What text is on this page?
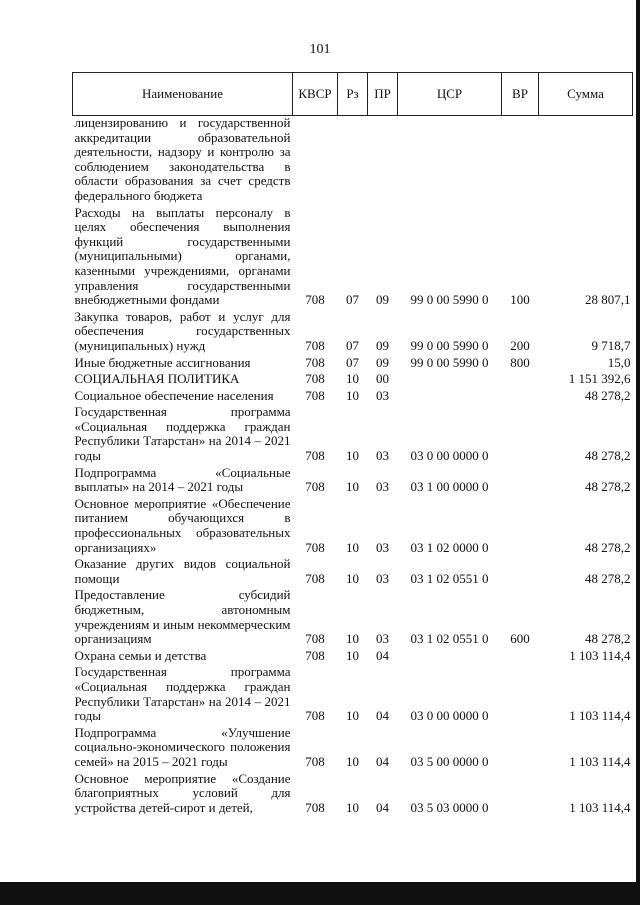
101
Наименование	КВСР	Рз	ПР	ЦСР	ВР	Сумма
лицензированию и государственной аккредитации образовательной деятельности, надзору и контролю за соблюдением законодательства в области образования за счет средств федерального бюджета						
Расходы на выплаты персоналу в целях обеспечения выполнения функций государственными (муниципальными) органами, казенными учреждениями, органами управления государственными внебюджетными фондами	708	07	09	99 0 00 5990 0	100	28 807,1
Закупка товаров, работ и услуг для обеспечения государственных (муниципальных) нужд	708	07	09	99 0 00 5990 0	200	9 718,7
Иные бюджетные ассигнования	708	07	09	99 0 00 5990 0	800	15,0
СОЦИАЛЬНАЯ ПОЛИТИКА	708	10	00			1 151 392,6
Социальное обеспечение населения	708	10	03			48 278,2
Государственная программа «Социальная поддержка граждан Республики Татарстан» на 2014 – 2021 годы	708	10	03	03 0 00 0000 0		48 278,2
Подпрограмма «Социальные выплаты» на 2014 – 2021 годы	708	10	03	03 1 00 0000 0		48 278,2
Основное мероприятие «Обеспечение питанием обучающихся в профессиональных образовательных организациях»	708	10	03	03 1 02 0000 0		48 278,2
Оказание других видов социальной помощи	708	10	03	03 1 02 0551 0		48 278,2
Предоставление субсидий бюджетным, автономным учреждениям и иным некоммерческим организациям	708	10	03	03 1 02 0551 0	600	48 278,2
Охрана семьи и детства	708	10	04			1 103 114,4
Государственная программа «Социальная поддержка граждан Республики Татарстан» на 2014 – 2021 годы	708	10	04	03 0 00 0000 0		1 103 114,4
Подпрограмма «Улучшение социально-экономического положения семей» на 2015 – 2021 годы	708	10	04	03 5 00 0000 0		1 103 114,4
Основное мероприятие «Создание благоприятных условий для устройства детей-сирот и детей,	708	10	04	03 5 03 0000 0		1 103 114,4
